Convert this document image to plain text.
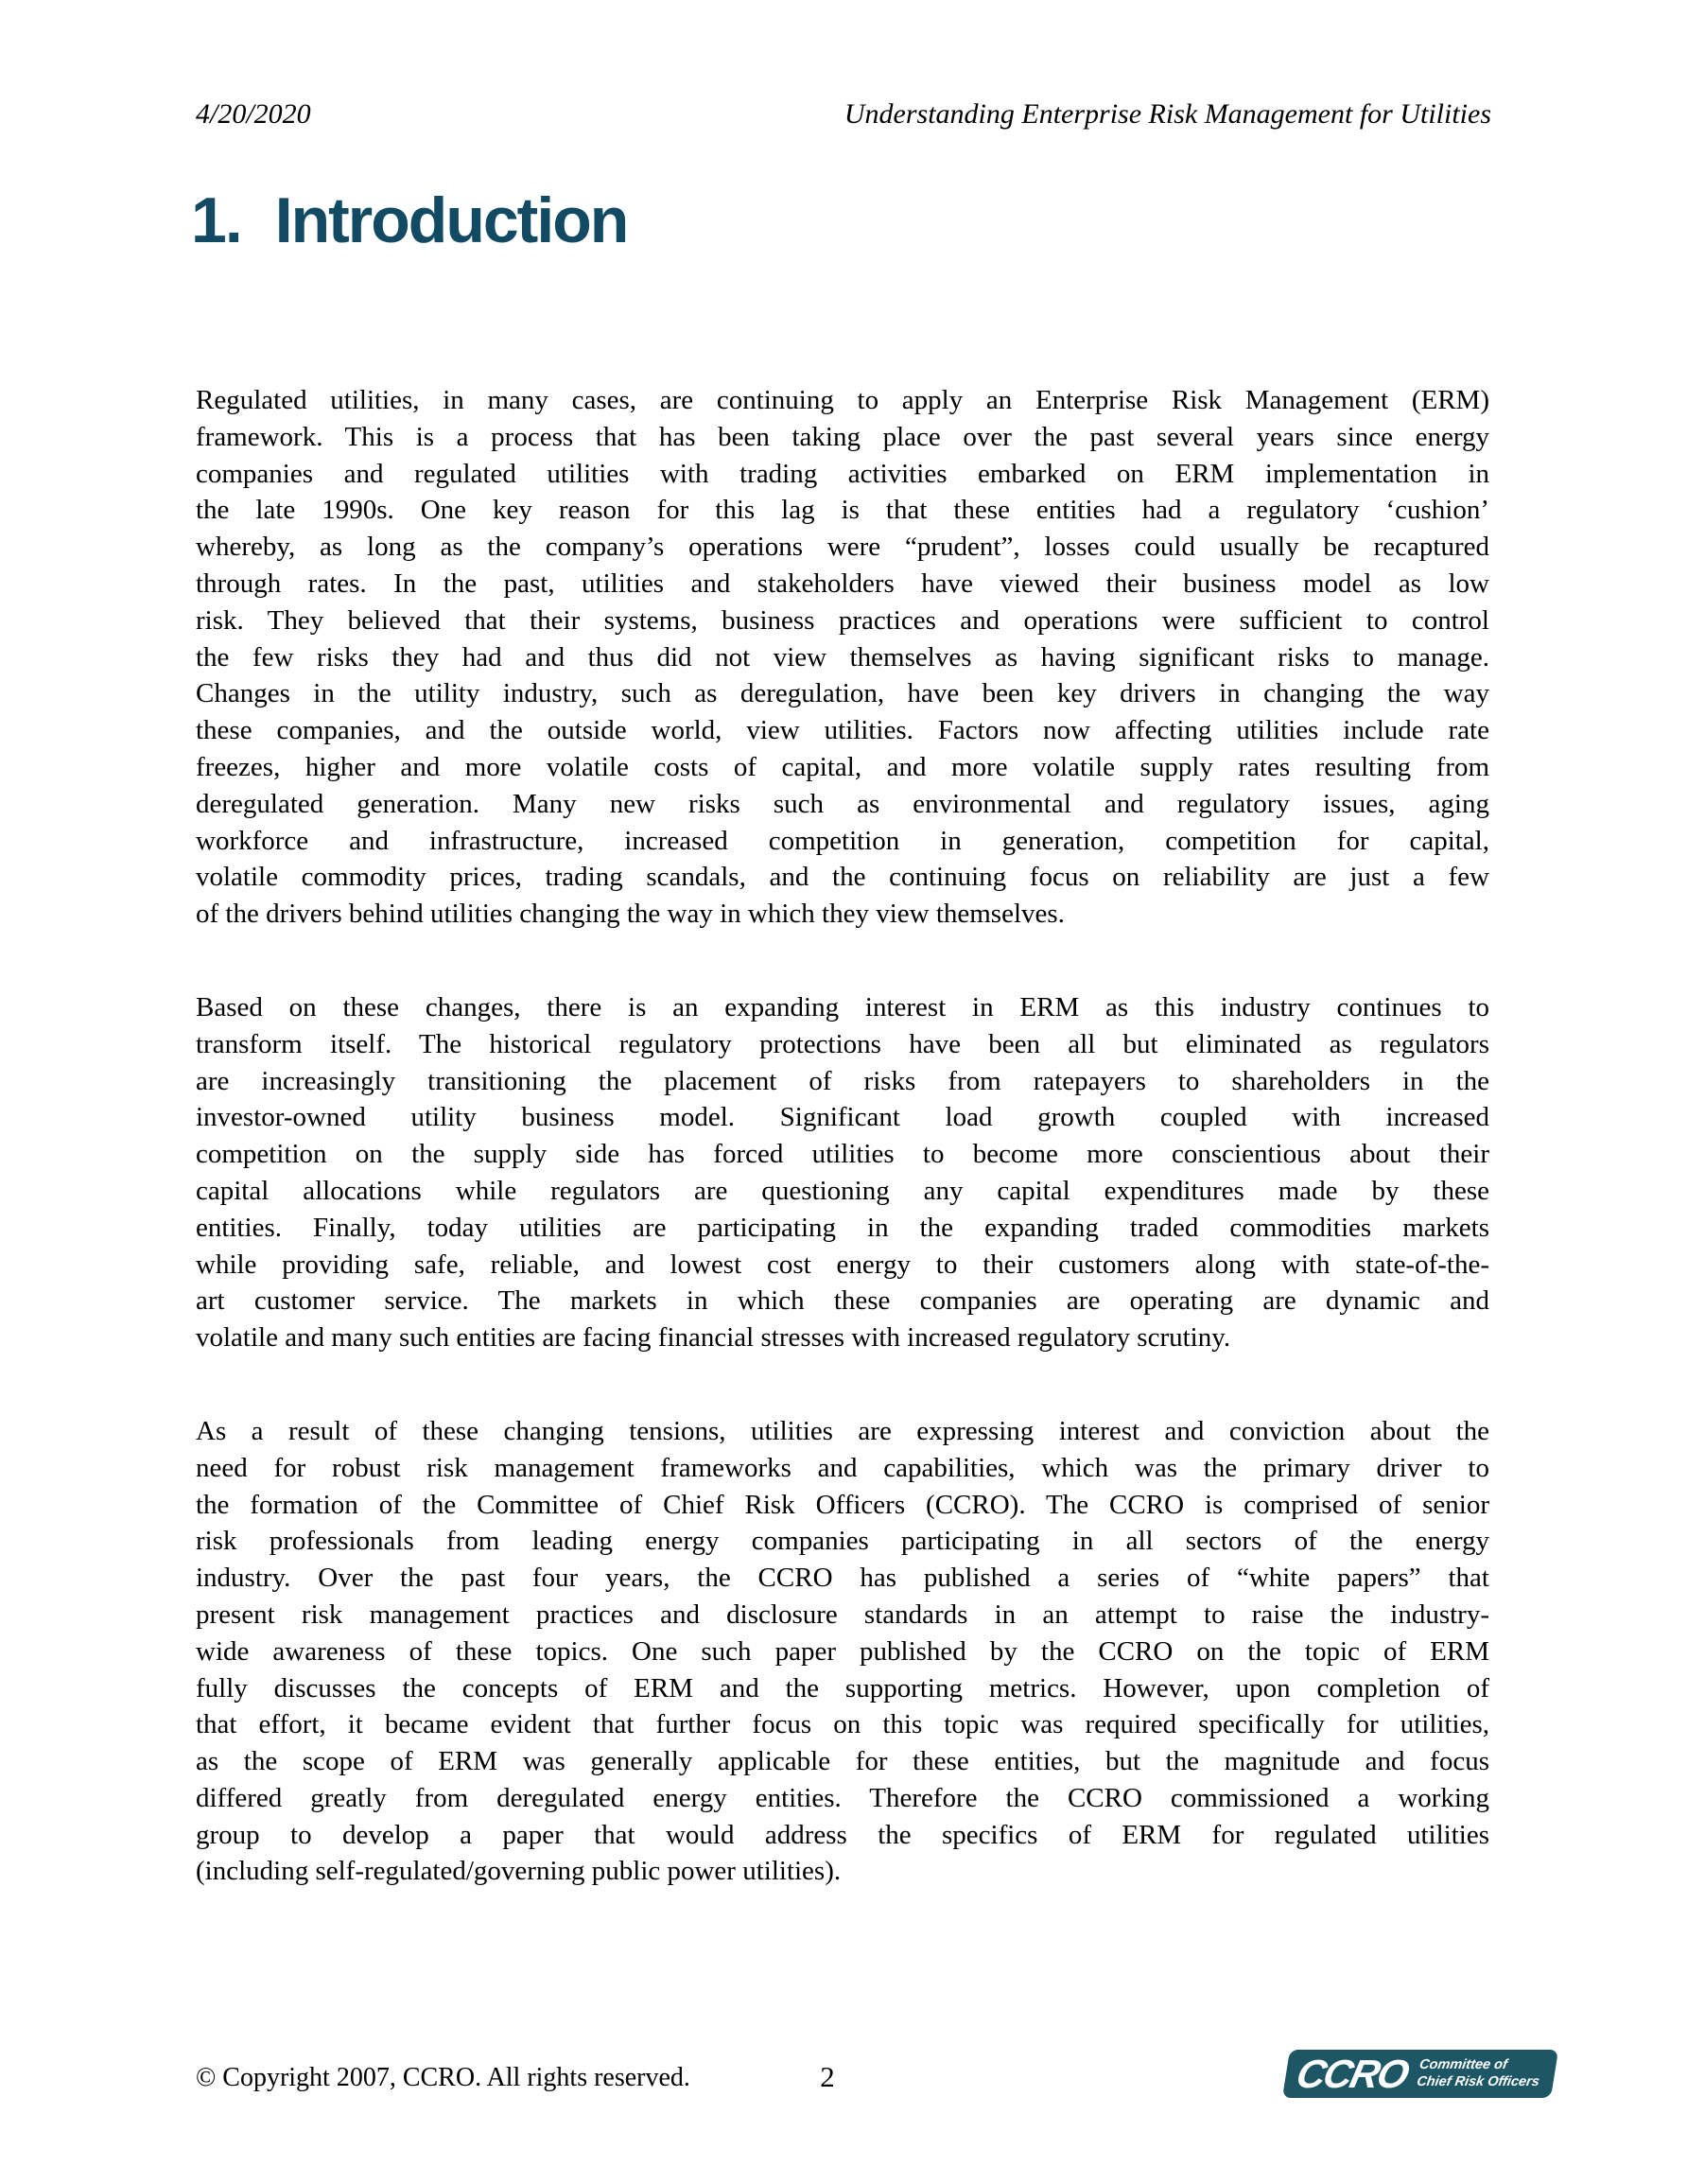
4/20/2020	Understanding Enterprise Risk Management for Utilities
1. Introduction
Regulated utilities, in many cases, are continuing to apply an Enterprise Risk Management (ERM)
framework. This is a process that has been taking place over the past several years since energy
companies and regulated utilities with trading activities embarked on ERM implementation in
the late 1990s. One key reason for this lag is that these entities had a regulatory ‘cushion’
whereby, as long as the company’s operations were “prudent”, losses could usually be recaptured
through rates. In the past, utilities and stakeholders have viewed their business model as low
risk. They believed that their systems, business practices and operations were sufficient to control
the few risks they had and thus did not view themselves as having significant risks to manage.
Changes in the utility industry, such as deregulation, have been key drivers in changing the way
these companies, and the outside world, view utilities. Factors now affecting utilities include rate
freezes, higher and more volatile costs of capital, and more volatile supply rates resulting from
deregulated generation. Many new risks such as environmental and regulatory issues, aging
workforce and infrastructure, increased competition in generation, competition for capital,
volatile commodity prices, trading scandals, and the continuing focus on reliability are just a few
of the drivers behind utilities changing the way in which they view themselves.
Based on these changes, there is an expanding interest in ERM as this industry continues to
transform itself. The historical regulatory protections have been all but eliminated as regulators
are increasingly transitioning the placement of risks from ratepayers to shareholders in the
investor-owned utility business model. Significant load growth coupled with increased
competition on the supply side has forced utilities to become more conscientious about their
capital allocations while regulators are questioning any capital expenditures made by these
entities. Finally, today utilities are participating in the expanding traded commodities markets
while providing safe, reliable, and lowest cost energy to their customers along with state-of-the-
art customer service. The markets in which these companies are operating are dynamic and
volatile and many such entities are facing financial stresses with increased regulatory scrutiny.
As a result of these changing tensions, utilities are expressing interest and conviction about the
need for robust risk management frameworks and capabilities, which was the primary driver to
the formation of the Committee of Chief Risk Officers (CCRO). The CCRO is comprised of senior
risk professionals from leading energy companies participating in all sectors of the energy
industry. Over the past four years, the CCRO has published a series of “white papers” that
present risk management practices and disclosure standards in an attempt to raise the industry-
wide awareness of these topics. One such paper published by the CCRO on the topic of ERM
fully discusses the concepts of ERM and the supporting metrics. However, upon completion of
that effort, it became evident that further focus on this topic was required specifically for utilities,
as the scope of ERM was generally applicable for these entities, but the magnitude and focus
differed greatly from deregulated energy entities. Therefore the CCRO commissioned a working
group to develop a paper that would address the specifics of ERM for regulated utilities
(including self-regulated/governing public power utilities).
© Copyright 2007, CCRO. All rights reserved.	2	CCRO Committee of
Chief Risk Officers
